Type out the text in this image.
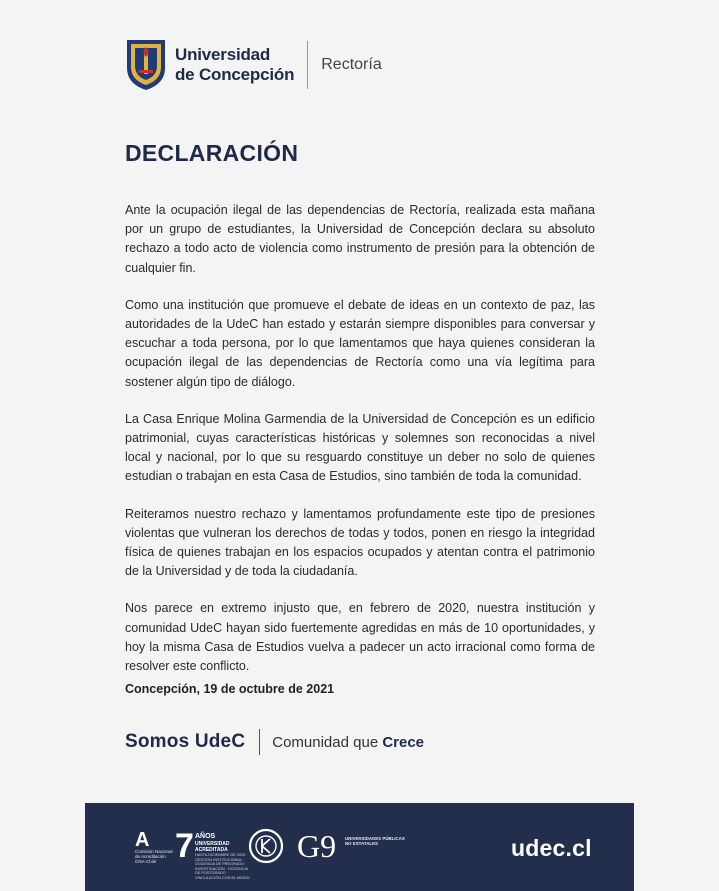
Universidad
de Concepción
Rectoría
DECLARACIÓN

Ante la ocupación ilegal de las dependencias de Rectoría, realizada esta mañana por un grupo de estudiantes, la Universidad de Concepción declara su absoluto rechazo a todo acto de violencia como instrumento de presión para la obtención de cualquier fin.

Como una institución que promueve el debate de ideas en un contexto de paz, las autoridades de la UdeC han estado y estarán siempre disponibles para conversar y escuchar a toda persona, por lo que lamentamos que haya quienes consideran la ocupación ilegal de las dependencias de Rectoría como una vía legítima para sostener algún tipo de diálogo.

La Casa Enrique Molina Garmendia de la Universidad de Concepción es un edificio patrimonial, cuyas características históricas y solemnes son reconocidas a nivel local y nacional, por lo que su resguardo constituye un deber no solo de quienes estudian o trabajan en esta Casa de Estudios, sino también de toda la comunidad.

Reiteramos nuestro rechazo y lamentamos profundamente este tipo de presiones violentas que vulneran los derechos de todas y todos, ponen en riesgo la integridad física de quienes trabajan en los espacios ocupados y atentan contra el patrimonio de la Universidad y de toda la ciudadanía.

Nos parece en extremo injusto que, en febrero de 2020, nuestra institución y comunidad UdeC hayan sido fuertemente agredidas en más de 10 oportunidades, y hoy la misma Casa de Estudios vuelva a padecer un acto irracional como forma de resolver este conflicto.

Concepción, 19 de octubre de 2021
Somos UdeC Comunidad que Crece
A
Comisión Nacional de Acreditación CNA-Chile 7 AÑOS
UNIVERSIDAD ACREDITADA
HASTA DICIEMBRE DE 2023 · GESTIÓN INSTITUCIONAL · DOCENCIA DE PREGRADO · INVESTIGACIÓN · DOCENCIA DE POSTGRADO · VINCULACIÓN CON EL MEDIO
G9 UNIVERSIDADES PÚBLICAS NO ESTATALES	udec.cl
